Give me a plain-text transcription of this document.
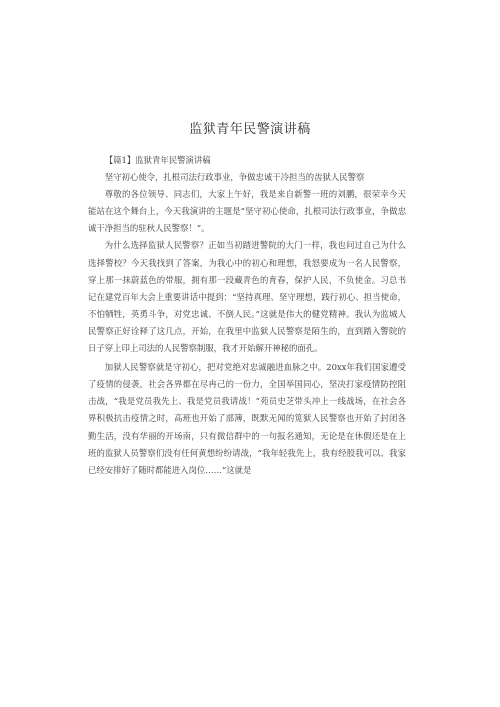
监狱青年民警演讲稿

【篇1】监狱青年民警演讲稿

坚守初心使令，扎根司法行政事业，争做忠诚干冷担当的齿狱人民警察

尊敬的各位领导、同志们，大家上午好，我是来自新警一班的刘鹏，很荣幸今天能站在这个舞台上，今天我演讲的主题是“坚守初心使命，扎根司法行政事业，争做忠诚干净担当的驻秋人民警察！”。

为什么选择监狱人民警察？正如当初踏进警院的大门一样，我也问过自己为什么选择警校？今天我找到了答案，为我心中的初心和理想，我怒要成为一名人民警察，穿上那一抹蔚蓝色的带服，拥有那一段藏青色的育春，保护人民，不负使金。习总书记在建党百年大会上重要讲话中提到：“坚持真理、坚守理想，践行初心、担当使命，不怕牺牲，英勇斗争，对党忠诚、不倒人民。”这就是伟大的健党精神。我认为监城人民警察正好诠释了这几点，开始，在我里中监狱人民警察是陌生的，直到踏入警院的日子穿上印上司法的人民警察制服，我才开始解开神秘的面孔。

加狱人民警察就是守初心，把对党绝对忠诚融进血脉之中。20xx年我们国家遭受了疫情的侵袭，社会各界都在尽冉己的一份力，全国举国同心，坚决打家疫情防控阻击战，“我是党员我先上、我是党员我请战！”苑员史芝带头冲上一线战场，在社会各界积极抗击疫情之时，高班也开始了部簿，既默无闻的笕狱人民警察也开始了封闭各勤生活，没有华丽的开场南，只有微信群中的一句报名通知，无论是在休假还是在上班的监狱人员警察们没有任何黄想纷纷请战，“我年轻我先上，我有经股我可以、我家已经安排好了随时都能进入岗位……”这就是
